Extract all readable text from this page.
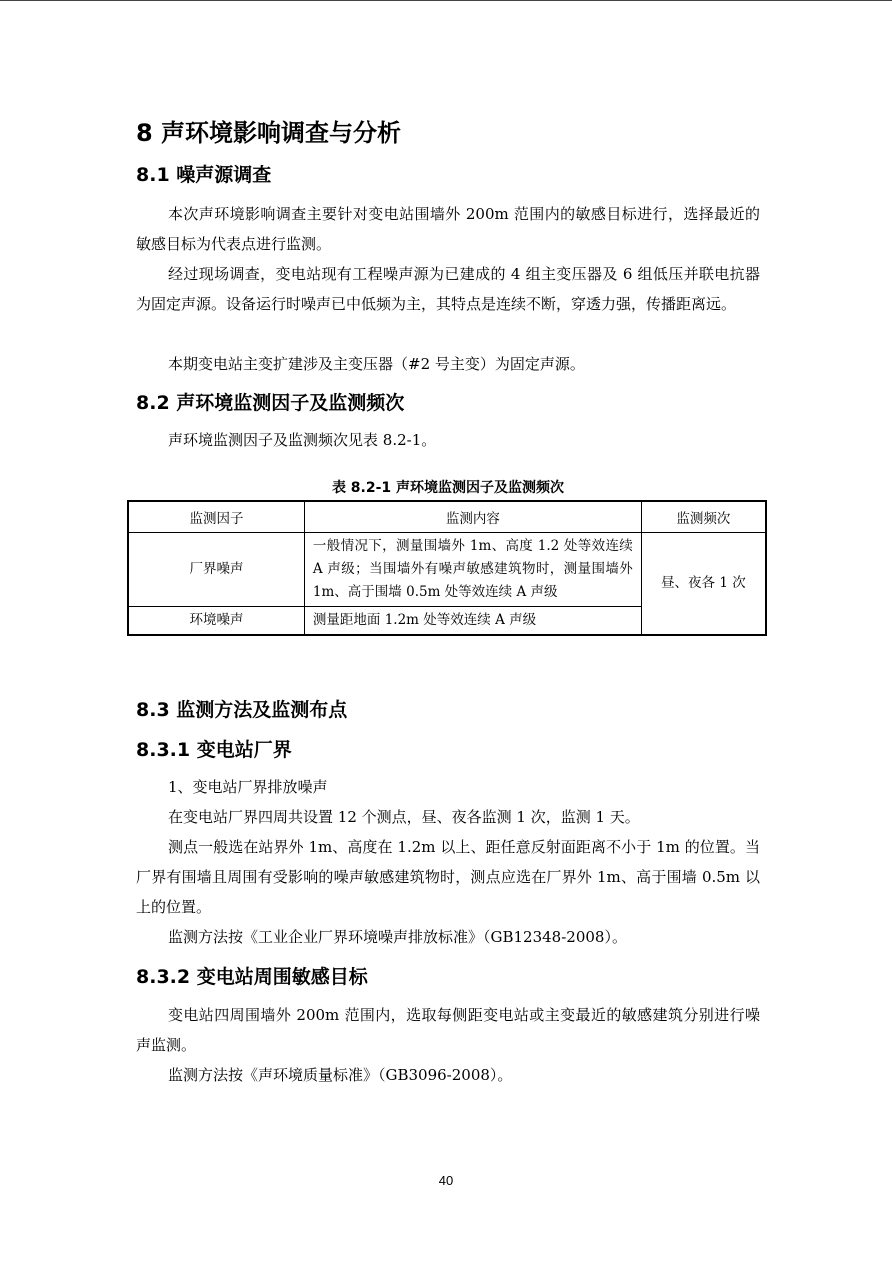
8 声环境影响调查与分析
8.1 噪声源调查

本次声环境影响调查主要针对变电站围墙外 200m 范围内的敏感目标进行，选择最近的敏感目标为代表点进行监测。

经过现场调查，变电站现有工程噪声源为已建成的 4 组主变压器及 6 组低压并联电抗器为固定声源。设备运行时噪声已中低频为主，其特点是连续不断，穿透力强，传播距离远。

本期变电站主变扩建涉及主变压器（#2 号主变）为固定声源。

8.2 声环境监测因子及监测频次

声环境监测因子及监测频次见表 8.2-1。

表 8.2-1 声环境监测因子及监测频次
监测因子	监测内容	监测频次
厂界噪声	一般情况下，测量围墙外 1m、高度 1.2 处等效连续 A 声级；当围墙外有噪声敏感建筑物时，测量围墙外 1m、高于围墙 0.5m 处等效连续 A 声级	昼、夜各 1 次
环境噪声	测量距地面 1.2m 处等效连续 A 声级	
8.3 监测方法及监测布点
8.3.1 变电站厂界

1、变电站厂界排放噪声

在变电站厂界四周共设置 12 个测点，昼、夜各监测 1 次，监测 1 天。

测点一般选在站界外 1m、高度在 1.2m 以上、距任意反射面距离不小于 1m 的位置。当厂界有围墙且周围有受影响的噪声敏感建筑物时，测点应选在厂界外 1m、高于围墙 0.5m 以上的位置。

监测方法按《工业企业厂界环境噪声排放标准》（GB12348-2008）。

8.3.2 变电站周围敏感目标

变电站四周围墙外 200m 范围内，选取每侧距变电站或主变最近的敏感建筑分别进行噪声监测。

监测方法按《声环境质量标准》（GB3096-2008）。

40
